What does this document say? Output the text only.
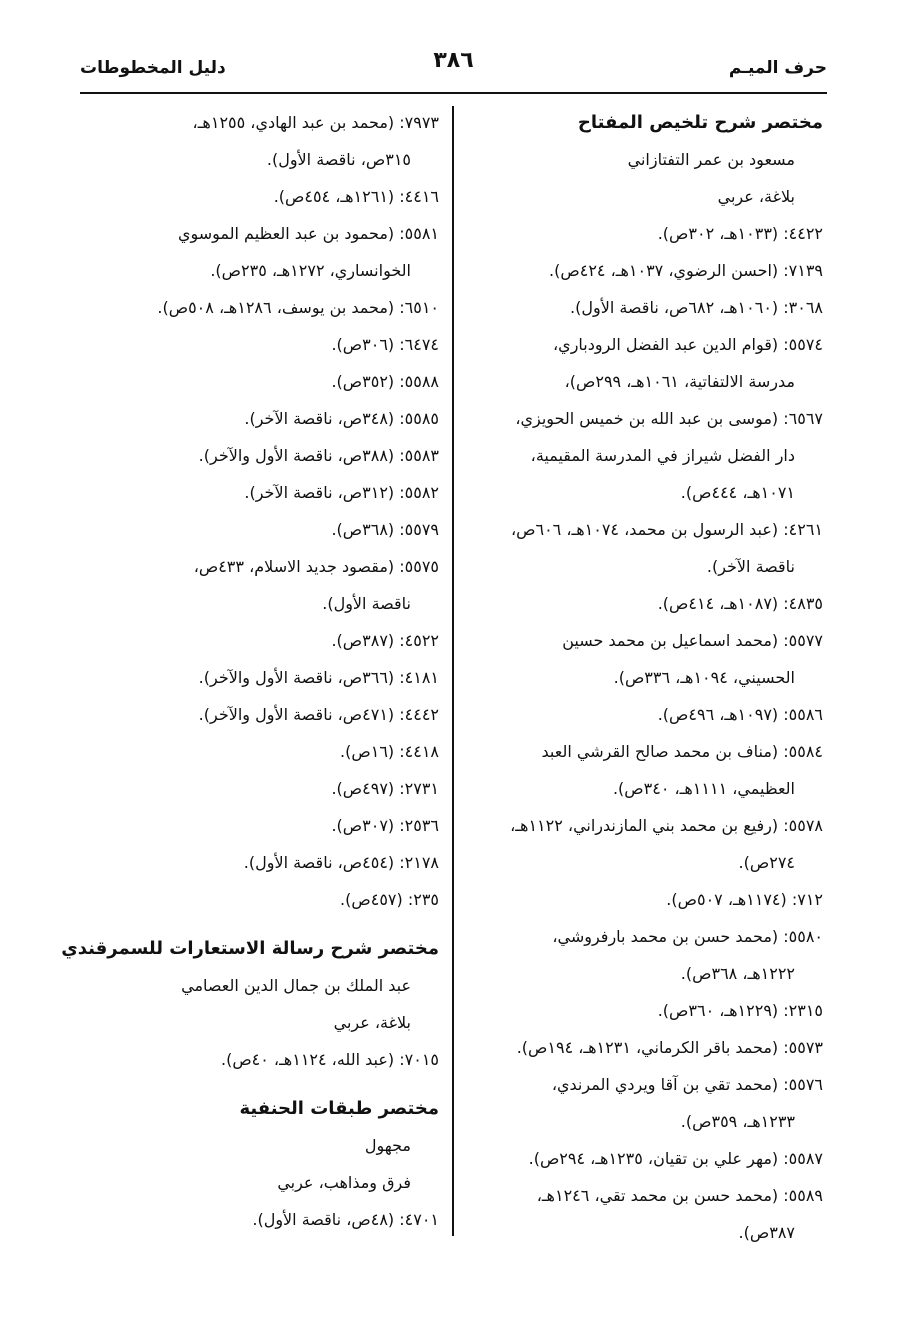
حرف الميـم
٣٨٦
دليل المخطوطات
مختصر شرح تلخيص المفتاح
مسعود بن عمر التفتازاني
بلاغة، عربي
٤٤٢٢: (١٠٣٣هـ، ٣٠٢ص).
٧١٣٩: (احسن الرضوي، ١٠٣٧هـ، ٤٢٤ص).
٣٠٦٨: (١٠٦٠هـ، ٦٨٢ص، ناقصة الأول).
٥٥٧٤: (قوام الدين عبد الفضل الرودباري،
مدرسة الالتفاتية، ١٠٦١هـ، ٢٩٩ص)،
٦٥٦٧: (موسى بن عبد الله بن خميس الحويزي،
دار الفضل شيراز في المدرسة المقيمية،
١٠٧١هـ، ٤٤٤ص).
٤٢٦١: (عبد الرسول بن محمد، ١٠٧٤هـ، ٦٠٦ص،
ناقصة الآخر).
٤٨٣٥: (١٠٨٧هـ، ٤١٤ص).
٥٥٧٧: (محمد اسماعيل بن محمد حسين
الحسيني، ١٠٩٤هـ، ٣٣٦ص).
٥٥٨٦: (١٠٩٧هـ، ٤٩٦ص).
٥٥٨٤: (مناف بن محمد صالح القرشي العبد
العظيمي، ١١١١هـ، ٣٤٠ص).
٥٥٧٨: (رفيع بن محمد بني المازندراني، ١١٢٢هـ،
٢٧٤ص).
٧١٢: (١١٧٤هـ، ٥٠٧ص).
٥٥٨٠: (محمد حسن بن محمد بارفروشي،
١٢٢٢هـ، ٣٦٨ص).
٢٣١٥: (١٢٢٩هـ، ٣٦٠ص).
٥٥٧٣: (محمد باقر الكرماني، ١٢٣١هـ، ١٩٤ص).
٥٥٧٦: (محمد تقي بن آقا ويردي المرندي،
١٢٣٣هـ، ٣٥٩ص).
٥٥٨٧: (مهر علي بن تقيان، ١٢٣٥هـ، ٢٩٤ص).
٥٥٨٩: (محمد حسن بن محمد تقي، ١٢٤٦هـ،
٣٨٧ص).
٧٩٧٣: (محمد بن عبد الهادي، ١٢٥٥هـ،
٣١٥ص، ناقصة الأول).
٤٤١٦: (١٢٦١هـ، ٤٥٤ص).
٥٥٨١: (محمود بن عبد العظيم الموسوي
الخوانساري، ١٢٧٢هـ، ٢٣٥ص).
٦٥١٠: (محمد بن يوسف، ١٢٨٦هـ، ٥٠٨ص).
٦٤٧٤: (٣٠٦ص).
٥٥٨٨: (٣٥٢ص).
٥٥٨٥: (٣٤٨ص، ناقصة الآخر).
٥٥٨٣: (٣٨٨ص، ناقصة الأول والآخر).
٥٥٨٢: (٣١٢ص، ناقصة الآخر).
٥٥٧٩: (٣٦٨ص).
٥٥٧٥: (مقصود جديد الاسلام، ٤٣٣ص،
ناقصة الأول).
٤٥٢٢: (٣٨٧ص).
٤١٨١: (٣٦٦ص، ناقصة الأول والآخر).
٤٤٤٢: (٤٧١ص، ناقصة الأول والآخر).
٤٤١٨: (١٦ص).
٢٧٣١: (٤٩٧ص).
٢٥٣٦: (٣٠٧ص).
٢١٧٨: (٤٥٤ص، ناقصة الأول).
٢٣٥: (٤٥٧ص).
مختصر شرح رسالة الاستعارات للسمرقندي
عبد الملك بن جمال الدين العصامي
بلاغة، عربي
٧٠١٥: (عبد الله، ١١٢٤هـ، ٤٠ص).
مختصر طبقات الحنفية
مجهول
فرق ومذاهب، عربي
٤٧٠١: (٤٨ص، ناقصة الأول).
